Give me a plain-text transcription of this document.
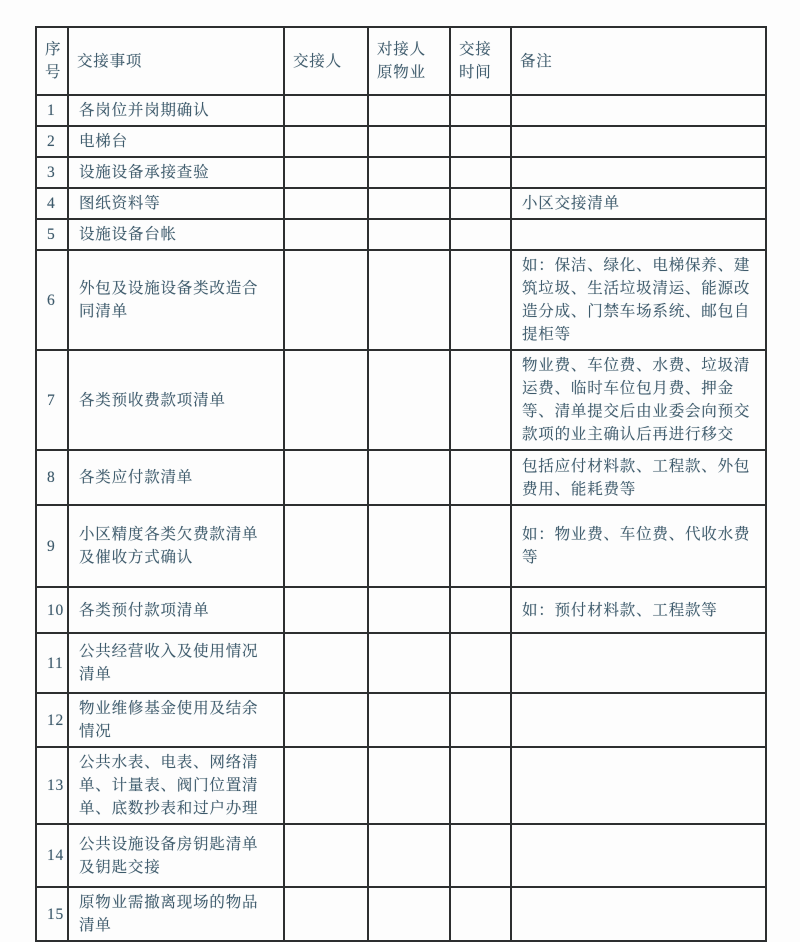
序号	交接事项	交接人	对接人原物业	交接时间	备注
1	各岗位并岗期确认				
2	电梯台				
3	设施设备承接查验				
4	图纸资料等				小区交接清单
5	设施设备台帐				
6	外包及设施设备类改造合同清单				如：保洁、绿化、电梯保养、建筑垃圾、生活垃圾清运、能源改造分成、门禁车场系统、邮包自提柜等
7	各类预收费款项清单				物业费、车位费、水费、垃圾清运费、临时车位包月费、押金等、清单提交后由业委会向预交款项的业主确认后再进行移交
8	各类应付款清单				包括应付材料款、工程款、外包费用、能耗费等
9	小区精度各类欠费款清单及催收方式确认				如：物业费、车位费、代收水费等
10	各类预付款项清单				如：预付材料款、工程款等
11	公共经营收入及使用情况清单				
12	物业维修基金使用及结余情况				
13	公共水表、电表、网络清单、计量表、阀门位置清单、底数抄表和过户办理				
14	公共设施设备房钥匙清单及钥匙交接				
15	原物业需撤离现场的物品清单				
